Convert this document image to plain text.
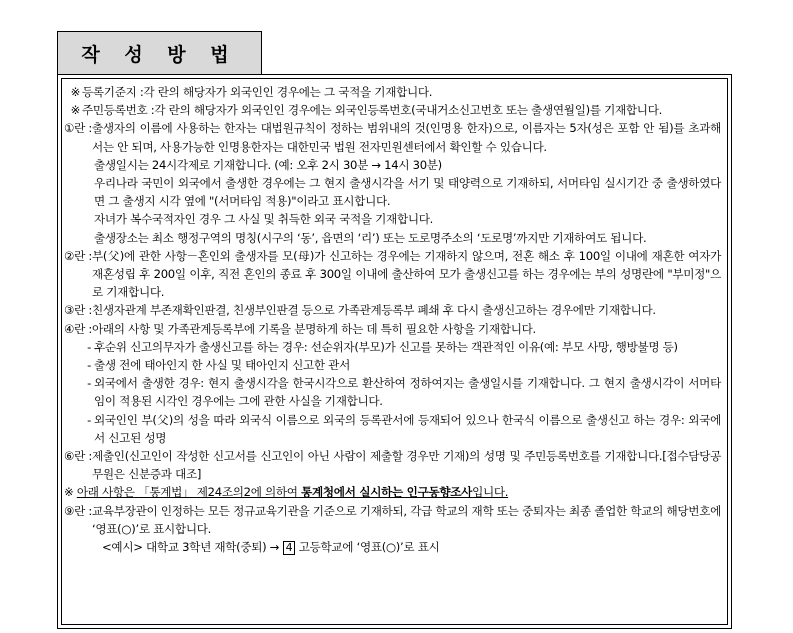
작 성 방 법
※ 등록기준지 : 각 란의 해당자가 외국인인 경우에는 그 국적을 기재합니다.
※ 주민등록번호 : 각 란의 해당자가 외국인인 경우에는 외국인등록번호(국내거소신고번호 또는 출생연월일)를 기재합니다.
①란 : 출생자의 이름에 사용하는 한자는 대법원규칙이 정하는 범위내의 것(인명용 한자)으로, 이름자는 5자(성은 포함 안 됨)를 초과해서는 안 되며, 사용가능한 인명용한자는 대한민국 법원 전자민원센터에서 확인할 수 있습니다.
출생일시는 24시각제로 기재합니다. (예: 오후 2시 30분 → 14시 30분)
우리나라 국민이 외국에서 출생한 경우에는 그 현지 출생시각을 서기 및 태양력으로 기재하되, 서머타임 실시기간 중 출생하였다면 그 출생지 시각 옆에 "(서머타임 적용)"이라고 표시합니다.
자녀가 복수국적자인 경우 그 사실 및 취득한 외국 국적을 기재합니다.
출생장소는 최소 행정구역의 명칭(시구의 ‘동’, 읍면의 ‘리’) 또는 도로명주소의 ‘도로명’까지만 기재하여도 됩니다.
②란 : 부(父)에 관한 사항－혼인외 출생자를 모(母)가 신고하는 경우에는 기재하지 않으며, 전혼 해소 후 100일 이내에 재혼한 여자가 재혼성립 후 200일 이후, 직전 혼인의 종료 후 300일 이내에 출산하여 모가 출생신고를 하는 경우에는 부의 성명란에 "부미정"으로 기재합니다.
③란 : 친생자관계 부존재확인판결, 친생부인판결 등으로 가족관계등록부 폐쇄 후 다시 출생신고하는 경우에만 기재합니다.
④란 : 아래의 사항 및 가족관계등록부에 기록을 분명하게 하는 데 특히 필요한 사항을 기재합니다.
- 후순위 신고의무자가 출생신고를 하는 경우: 선순위자(부모)가 신고를 못하는 객관적인 이유(예: 부모 사망, 행방불명 등)
- 출생 전에 태아인지 한 사실 및 태아인지 신고한 관서
- 외국에서 출생한 경우: 현지 출생시각을 한국시각으로 환산하여 정하여지는 출생일시를 기재합니다. 그 현지 출생시각이 서머타임이 적용된 시각인 경우에는 그에 관한 사실을 기재합니다.
- 외국인인 부(父)의 성을 따라 외국식 이름으로 외국의 등록관서에 등재되어 있으나 한국식 이름으로 출생신고 하는 경우: 외국에서 신고된 성명
⑥란 : 제출인(신고인이 작성한 신고서를 신고인이 아닌 사람이 제출할 경우만 기재)의 성명 및 주민등록번호를 기재합니다.[접수담당공무원은 신분증과 대조]
※ 아래 사항은 「통계법」 제24조의2에 의하여 통계청에서 실시하는 인구동향조사입니다.
⑨란 : 교육부장관이 인정하는 모든 정규교육기관을 기준으로 기재하되, 각급 학교의 재학 또는 중퇴자는 최종 졸업한 학교의 해당번호에 ‘영표(○)’로 표시합니다.
<예시> 대학교 3학년 재학(중퇴) → 4 고등학교에 ‘영표(○)’로 표시
